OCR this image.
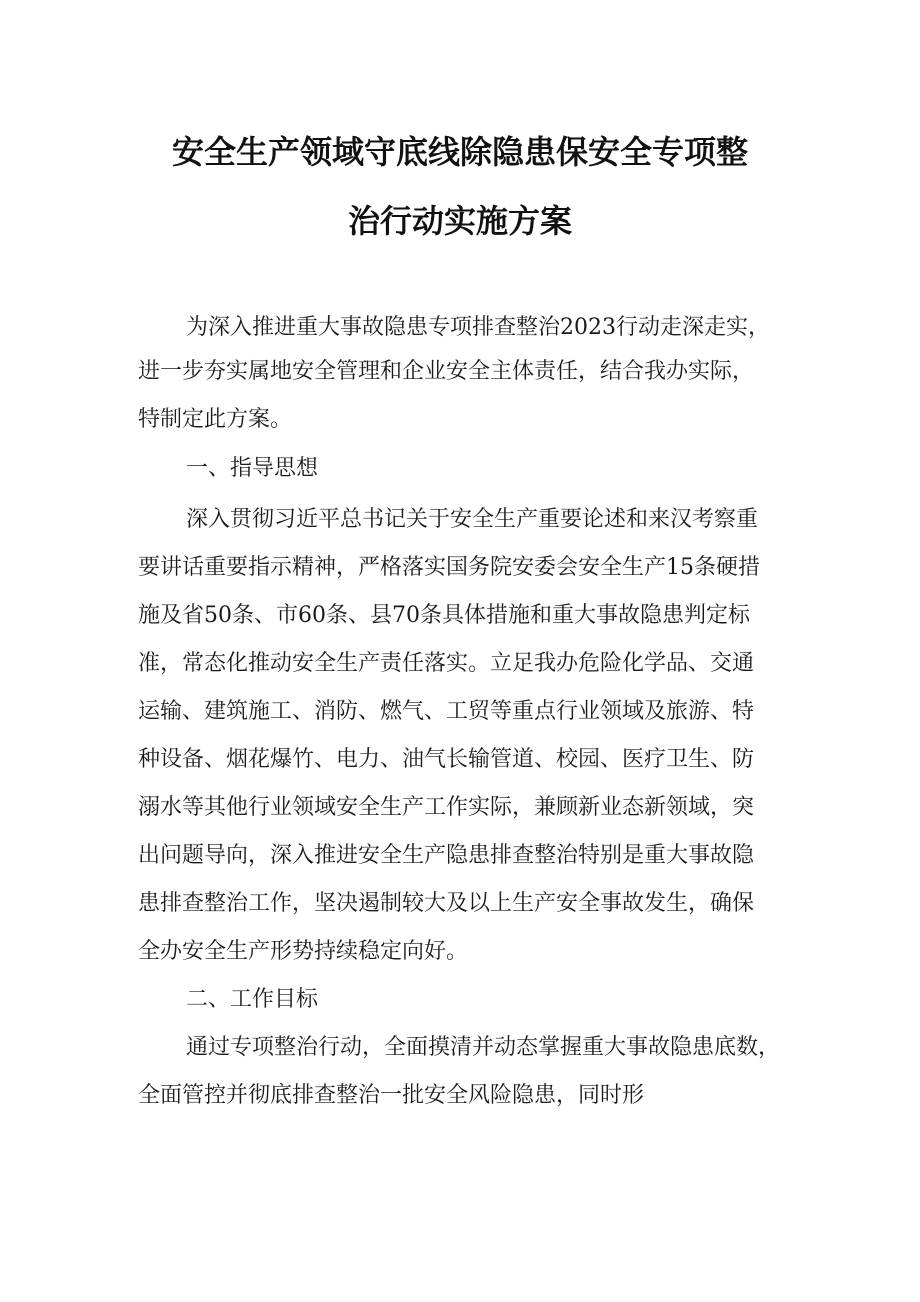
安全生产领域守底线除隐患保安全专项整
治行动实施方案

为深入推进重大事故隐患专项排查整治2023行动走深走实，

进一步夯实属地安全管理和企业安全主体责任，结合我办实际，

特制定此方案。

一、指导思想

深入贯彻习近平总书记关于安全生产重要论述和来汉考察重

要讲话重要指示精神，严格落实国务院安委会安全生产15条硬措

施及省50条、市60条、县70条具体措施和重大事故隐患判定标

准，常态化推动安全生产责任落实。立足我办危险化学品、交通

运输、建筑施工、消防、燃气、工贸等重点行业领域及旅游、特

种设备、烟花爆竹、电力、油气长输管道、校园、医疗卫生、防

溺水等其他行业领域安全生产工作实际，兼顾新业态新领域，突

出问题导向，深入推进安全生产隐患排查整治特别是重大事故隐

患排查整治工作，坚决遏制较大及以上生产安全事故发生，确保

全办安全生产形势持续稳定向好。

二、工作目标

通过专项整治行动，全面摸清并动态掌握重大事故隐患底数，

全面管控并彻底排查整治一批安全风险隐患，同时形
